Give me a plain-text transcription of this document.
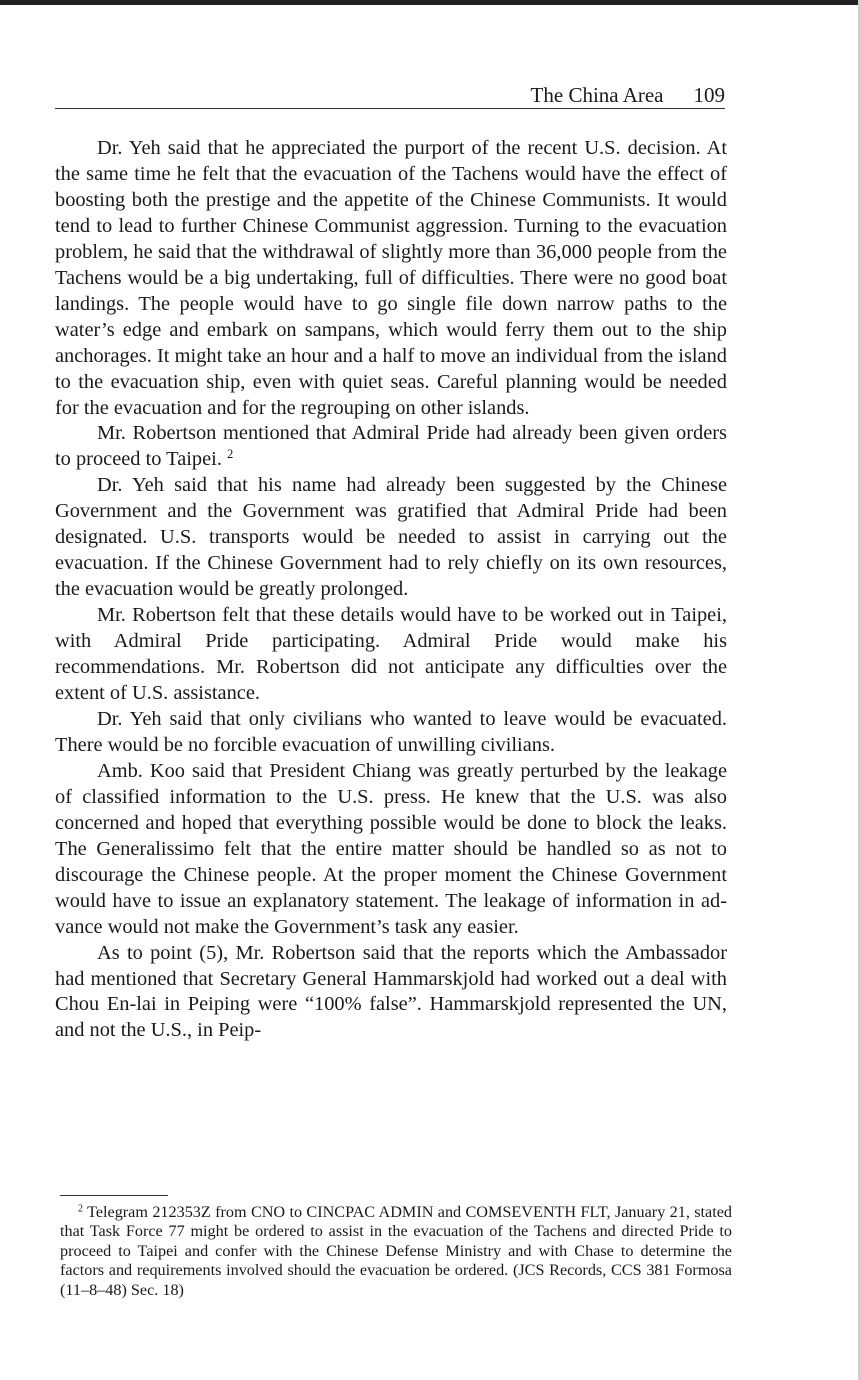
The China Area 109

Dr. Yeh said that he appreciated the purport of the recent U.S. decision. At the same time he felt that the evacuation of the Tachens would have the effect of boosting both the prestige and the appetite of the Chinese Communists. It would tend to lead to further Chinese Communist aggression. Turning to the evacuation problem, he said that the withdrawal of slightly more than 36,000 people from the Tachens would be a big undertaking, full of difficulties. There were no good boat landings. The people would have to go single file down narrow paths to the water’s edge and embark on sampans, which would ferry them out to the ship anchorages. It might take an hour and a half to move an individual from the island to the evacuation ship, even with quiet seas. Careful planning would be needed for the evacuation and for the regrouping on other islands.

Mr. Robertson mentioned that Admiral Pride had already been given orders to proceed to Taipei. $^2$

Dr. Yeh said that his name had already been suggested by the Chinese Government and the Government was gratified that Admiral Pride had been designated. U.S. transports would be needed to assist in carrying out the evacuation. If the Chinese Government had to rely chiefly on its own resources, the evacuation would be greatly prolonged.

Mr. Robertson felt that these details would have to be worked out in Taipei, with Admiral Pride participating. Admiral Pride would make his recommendations. Mr. Robertson did not anticipate any difficulties over the extent of U.S. assistance.

Dr. Yeh said that only civilians who wanted to leave would be evacuated. There would be no forcible evacuation of unwilling civilians.

Amb. Koo said that President Chiang was greatly perturbed by the leakage of classified information to the U.S. press. He knew that the U.S. was also concerned and hoped that everything possible would be done to block the leaks. The Generalissimo felt that the entire matter should be handled so as not to discourage the Chinese people. At the proper moment the Chinese Government would have to issue an explanatory statement. The leakage of information in advance would not make the Government’s task any easier.

As to point (5), Mr. Robertson said that the reports which the Ambassador had mentioned that Secretary General Hammarskjold had worked out a deal with Chou En-lai in Peiping were “100% false”. Hammarskjold represented the UN, and not the U.S., in Peip-

$^2$ Telegram 212353Z from CNO to CINCPAC ADMIN and COMSEVENTH FLT, January 21, stated that Task Force 77 might be ordered to assist in the evacuation of the Tachens and directed Pride to proceed to Taipei and confer with the Chinese Defense Ministry and with Chase to determine the factors and requirements involved should the evacuation be ordered. (JCS Records, CCS 381 Formosa (11–8–48) Sec. 18)
